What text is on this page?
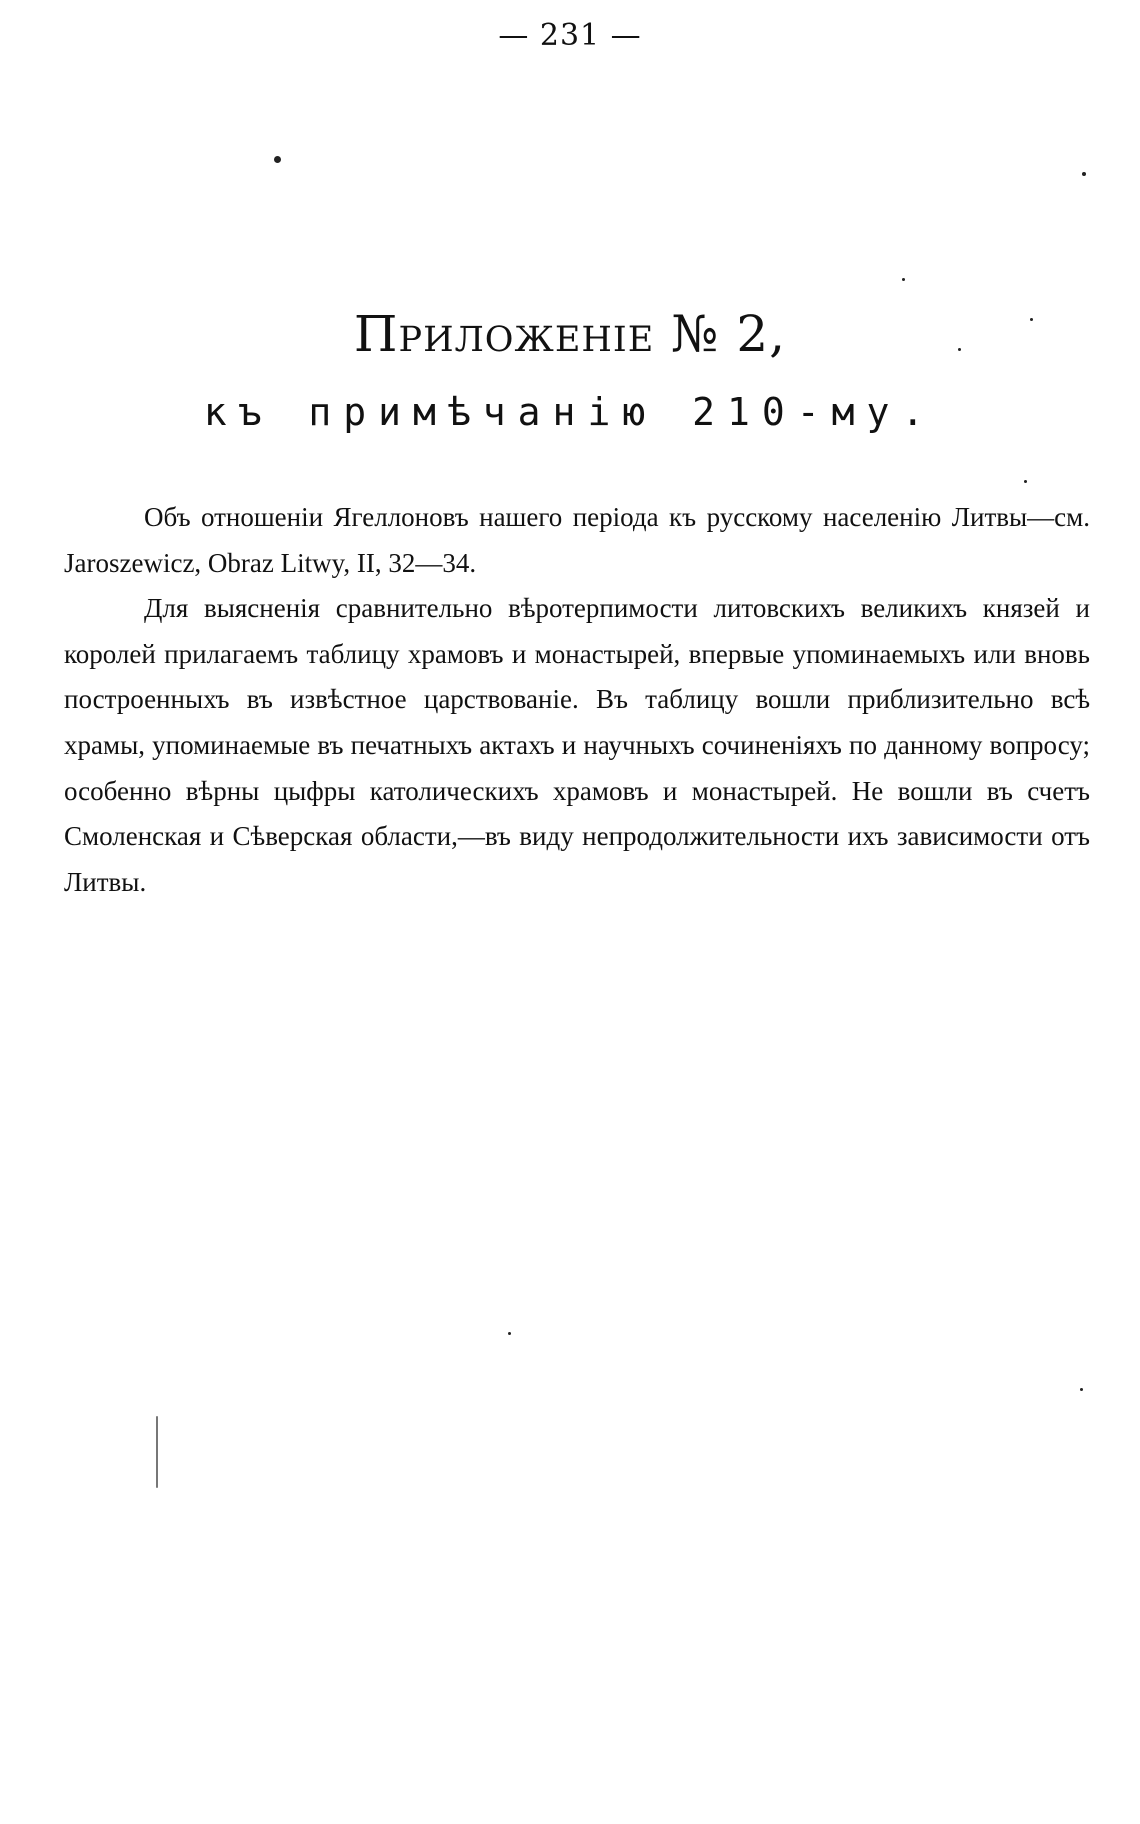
— 231 —
Приложенiе № 2,
къ примѣчанiю 210-му.

Объ отношенiи Ягеллоновъ нашего перiода къ русскому населенiю Литвы—см. Jaroszewicz, Obraz Litwy, II, 32—34.

Для выясненiя сравнительно вѣротерпимости литовскихъ великихъ князей и королей прилагаемъ таблицу храмовъ и монастырей, впервые упоминаемыхъ или вновь построенныхъ въ извѣстное царствованiе. Въ таблицу вошли приблизительно всѣ храмы, упоминаемые въ печатныхъ актахъ и научныхъ сочиненiяхъ по данному вопросу; особенно вѣрны цыфры католическихъ храмовъ и монастырей. Не вошли въ счетъ Смоленская и Сѣверская области,—въ виду непродолжительности ихъ зависимости отъ Литвы.
